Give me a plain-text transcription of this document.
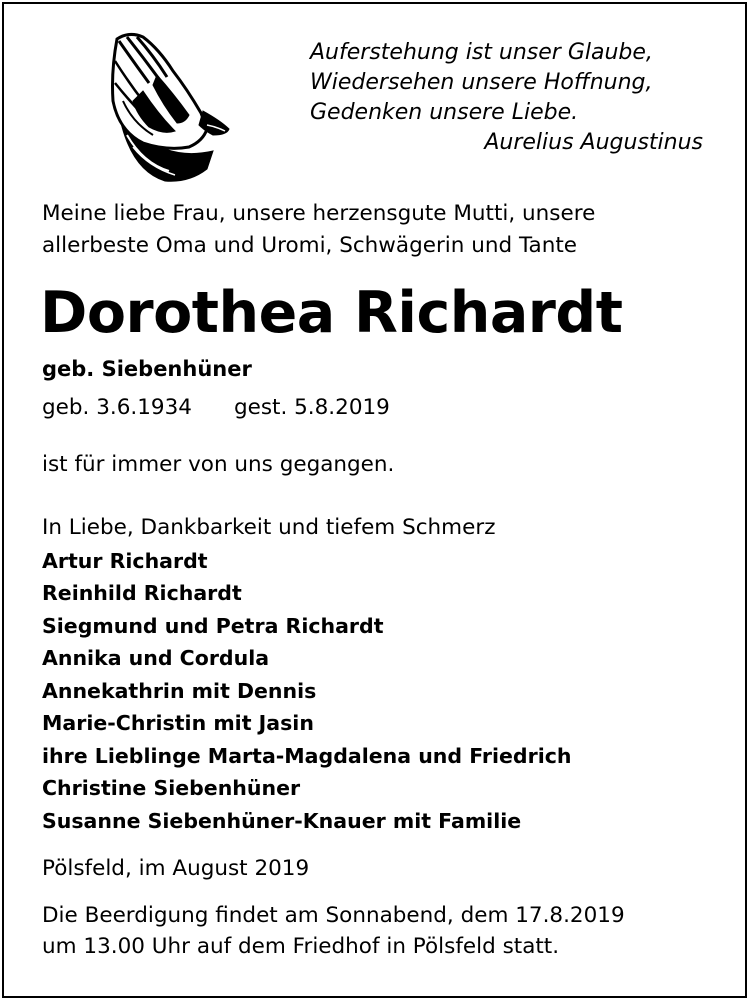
Auferstehung ist unser Glaube,
Wiedersehen unsere Hoffnung,
Gedenken unsere Liebe.
Aurelius Augustinus
Meine liebe Frau, unsere herzensgute Mutti, unsere
allerbeste Oma und Uromi, Schwägerin und Tante
Dorothea Richardt
geb. Siebenhüner
geb. 3.6.1934 gest. 5.8.2019
ist für immer von uns gegangen.
In Liebe, Dankbarkeit und tiefem Schmerz
Artur Richardt
Reinhild Richardt
Siegmund und Petra Richardt
Annika und Cordula
Annekathrin mit Dennis
Marie-Christin mit Jasin
ihre Lieblinge Marta-Magdalena und Friedrich
Christine Siebenhüner
Susanne Siebenhüner-Knauer mit Familie
Pölsfeld, im August 2019
Die Beerdigung findet am Sonnabend, dem 17.8.2019
um 13.00 Uhr auf dem Friedhof in Pölsfeld statt.
